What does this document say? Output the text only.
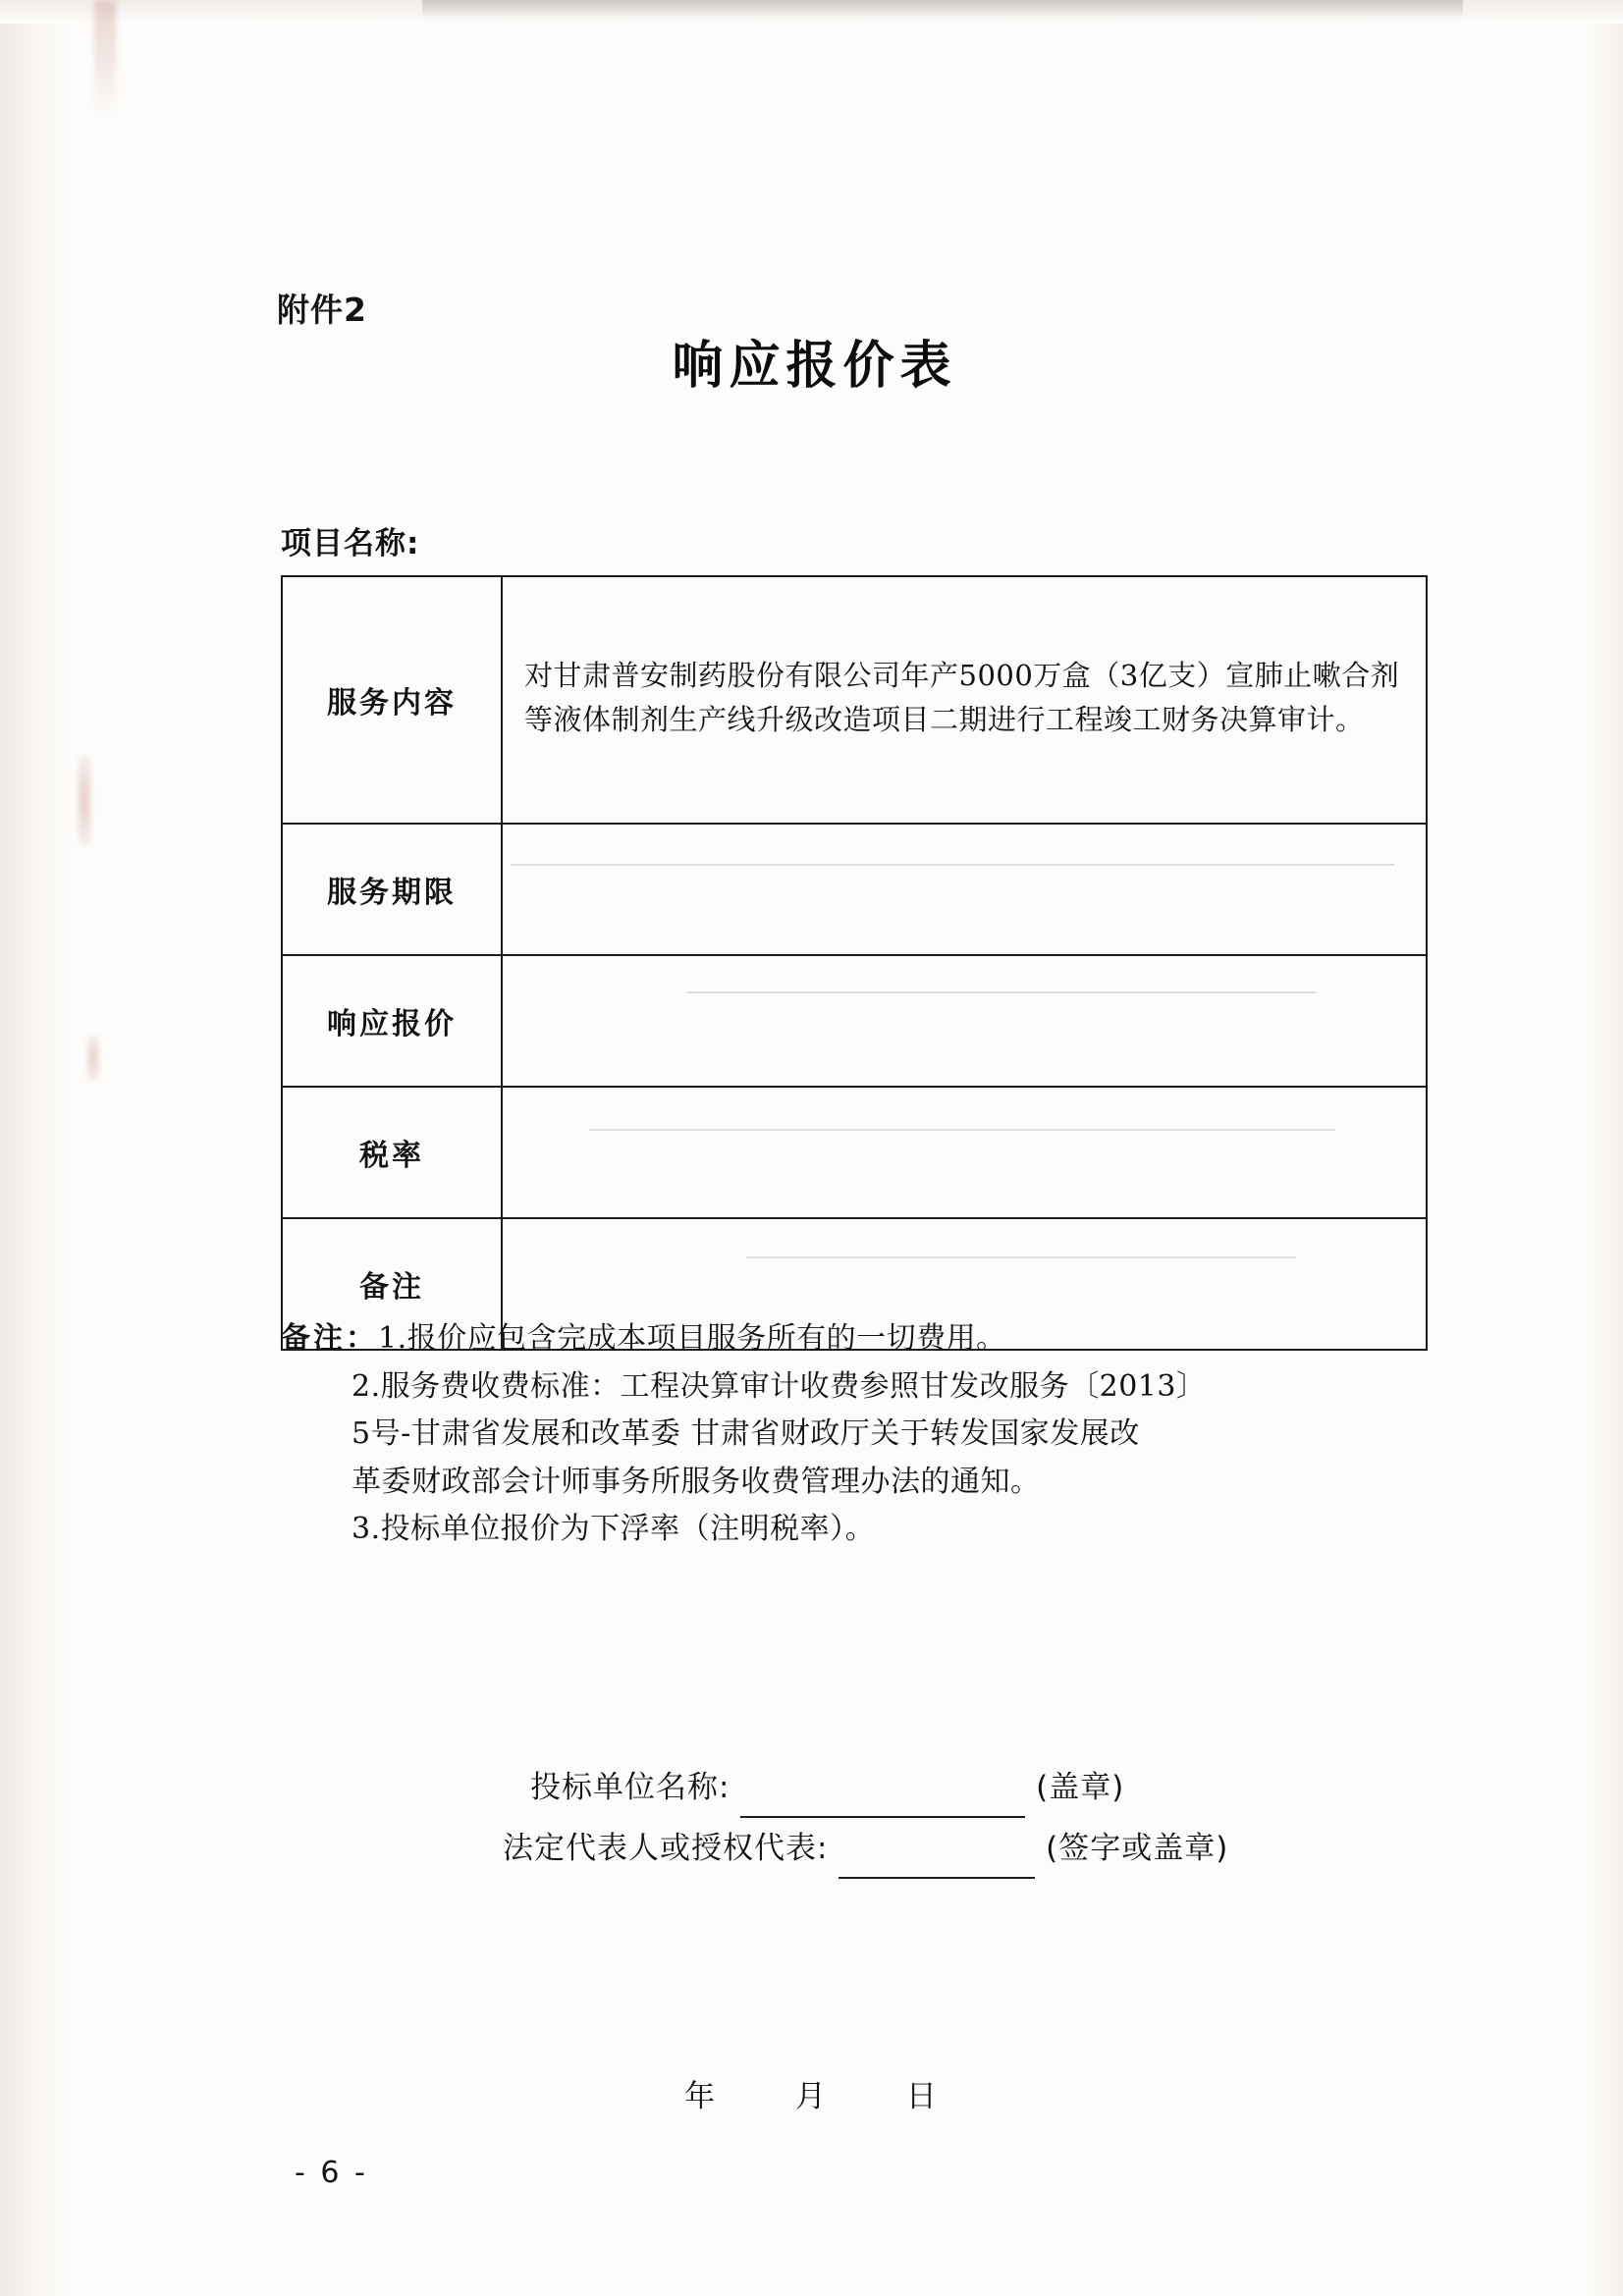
附件2
响应报价表
项目名称:
服务内容	对甘肃普安制药股份有限公司年产5000万盒（3亿支）宣肺止嗽合剂等液体制剂生产线升级改造项目二期进行工程竣工财务决算审计。
服务期限	
响应报价	
税率	
备注	
备注：1.报价应包含完成本项目服务所有的一切费用。
2.服务费收费标准：工程决算审计收费参照甘发改服务〔2013〕
5号-甘肃省发展和改革委 甘肃省财政厅关于转发国家发展改
革委财政部会计师事务所服务收费管理办法的通知。
3.投标单位报价为下浮率（注明税率）。
投标单位名称:	(盖章)
法定代表人或授权代表:	(签字或盖章)
年	月	日
- 6 -
